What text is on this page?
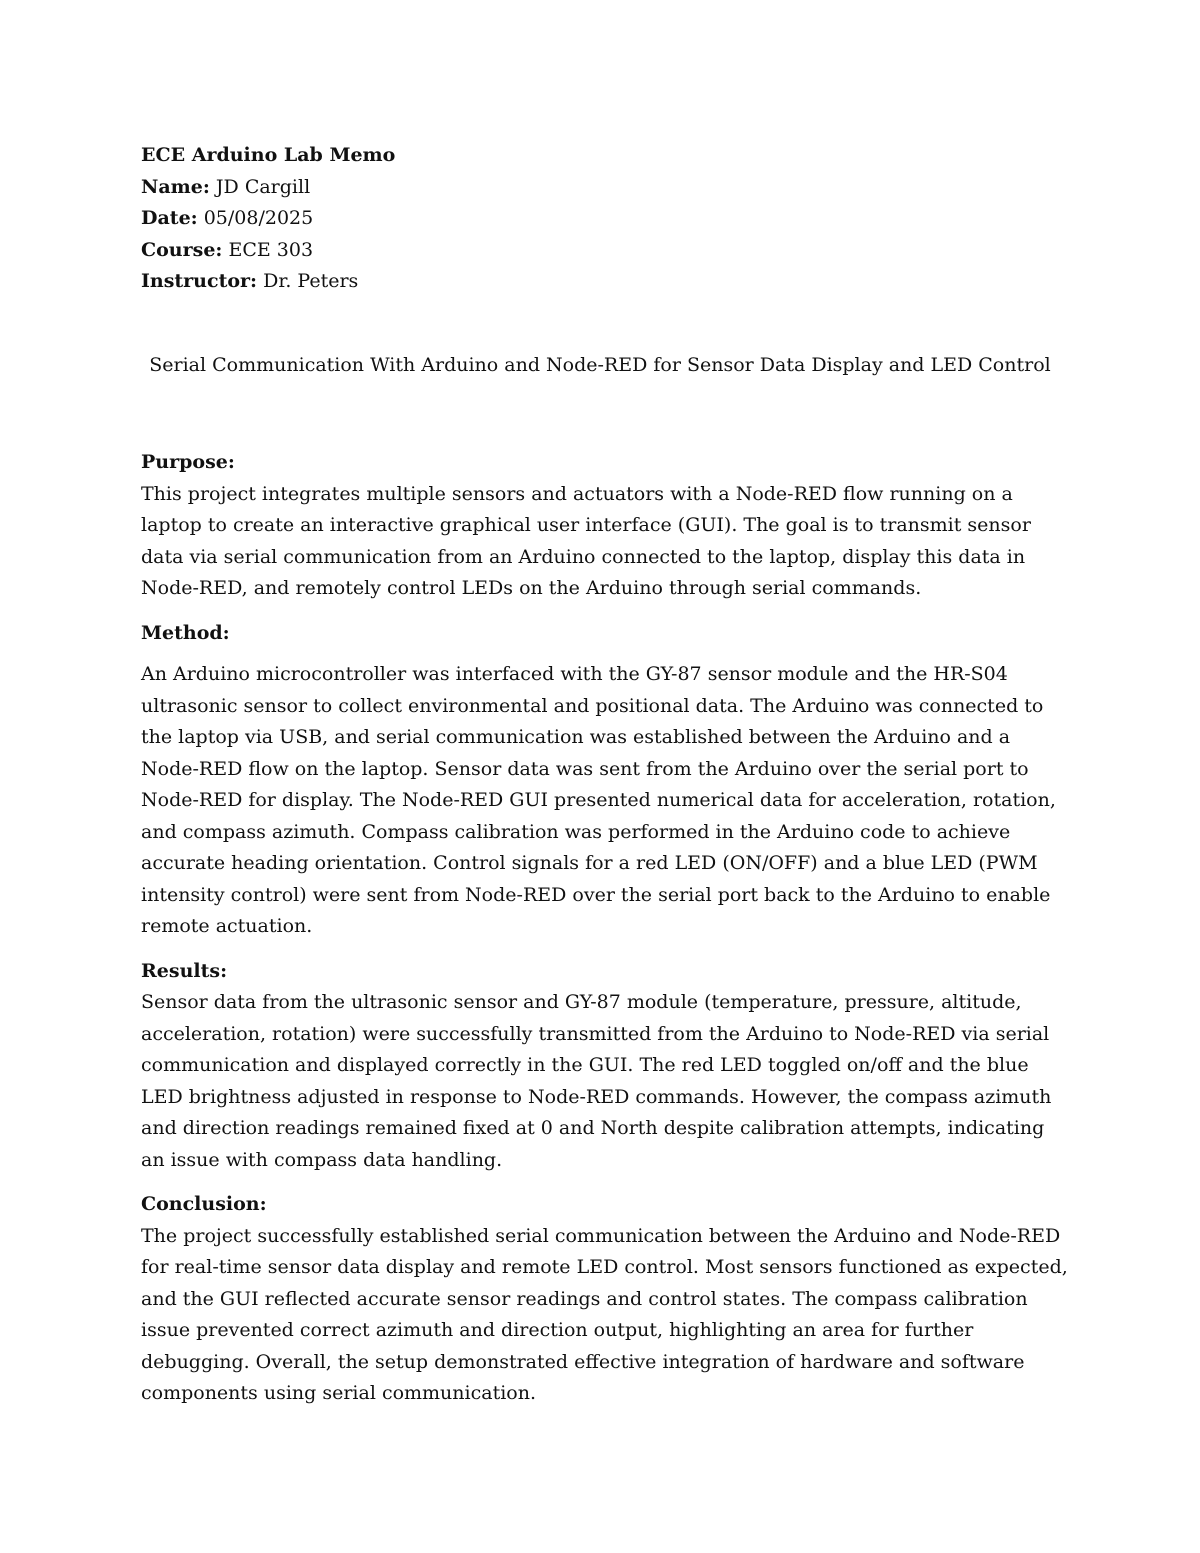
ECE Arduino Lab Memo

Name: JD Cargill

Date: 05/08/2025

Course: ECE 303

Instructor: Dr. Peters

Serial Communication With Arduino and Node-RED for Sensor Data Display and LED Control

Purpose:

This project integrates multiple sensors and actuators with a Node-RED flow running on a laptop to create an interactive graphical user interface (GUI). The goal is to transmit sensor data via serial communication from an Arduino connected to the laptop, display this data in Node-RED, and remotely control LEDs on the Arduino through serial commands.

Method:

An Arduino microcontroller was interfaced with the GY-87 sensor module and the HR-S04 ultrasonic sensor to collect environmental and positional data. The Arduino was connected to the laptop via USB, and serial communication was established between the Arduino and a Node-RED flow on the laptop. Sensor data was sent from the Arduino over the serial port to Node-RED for display. The Node-RED GUI presented numerical data for acceleration, rotation, and compass azimuth. Compass calibration was performed in the Arduino code to achieve accurate heading orientation. Control signals for a red LED (ON/OFF) and a blue LED (PWM intensity control) were sent from Node-RED over the serial port back to the Arduino to enable remote actuation.

Results:

Sensor data from the ultrasonic sensor and GY-87 module (temperature, pressure, altitude, acceleration, rotation) were successfully transmitted from the Arduino to Node-RED via serial communication and displayed correctly in the GUI. The red LED toggled on/off and the blue LED brightness adjusted in response to Node-RED commands. However, the compass azimuth and direction readings remained fixed at 0 and North despite calibration attempts, indicating an issue with compass data handling.

Conclusion:

The project successfully established serial communication between the Arduino and Node-RED for real-time sensor data display and remote LED control. Most sensors functioned as expected, and the GUI reflected accurate sensor readings and control states. The compass calibration issue prevented correct azimuth and direction output, highlighting an area for further debugging. Overall, the setup demonstrated effective integration of hardware and software components using serial communication.
